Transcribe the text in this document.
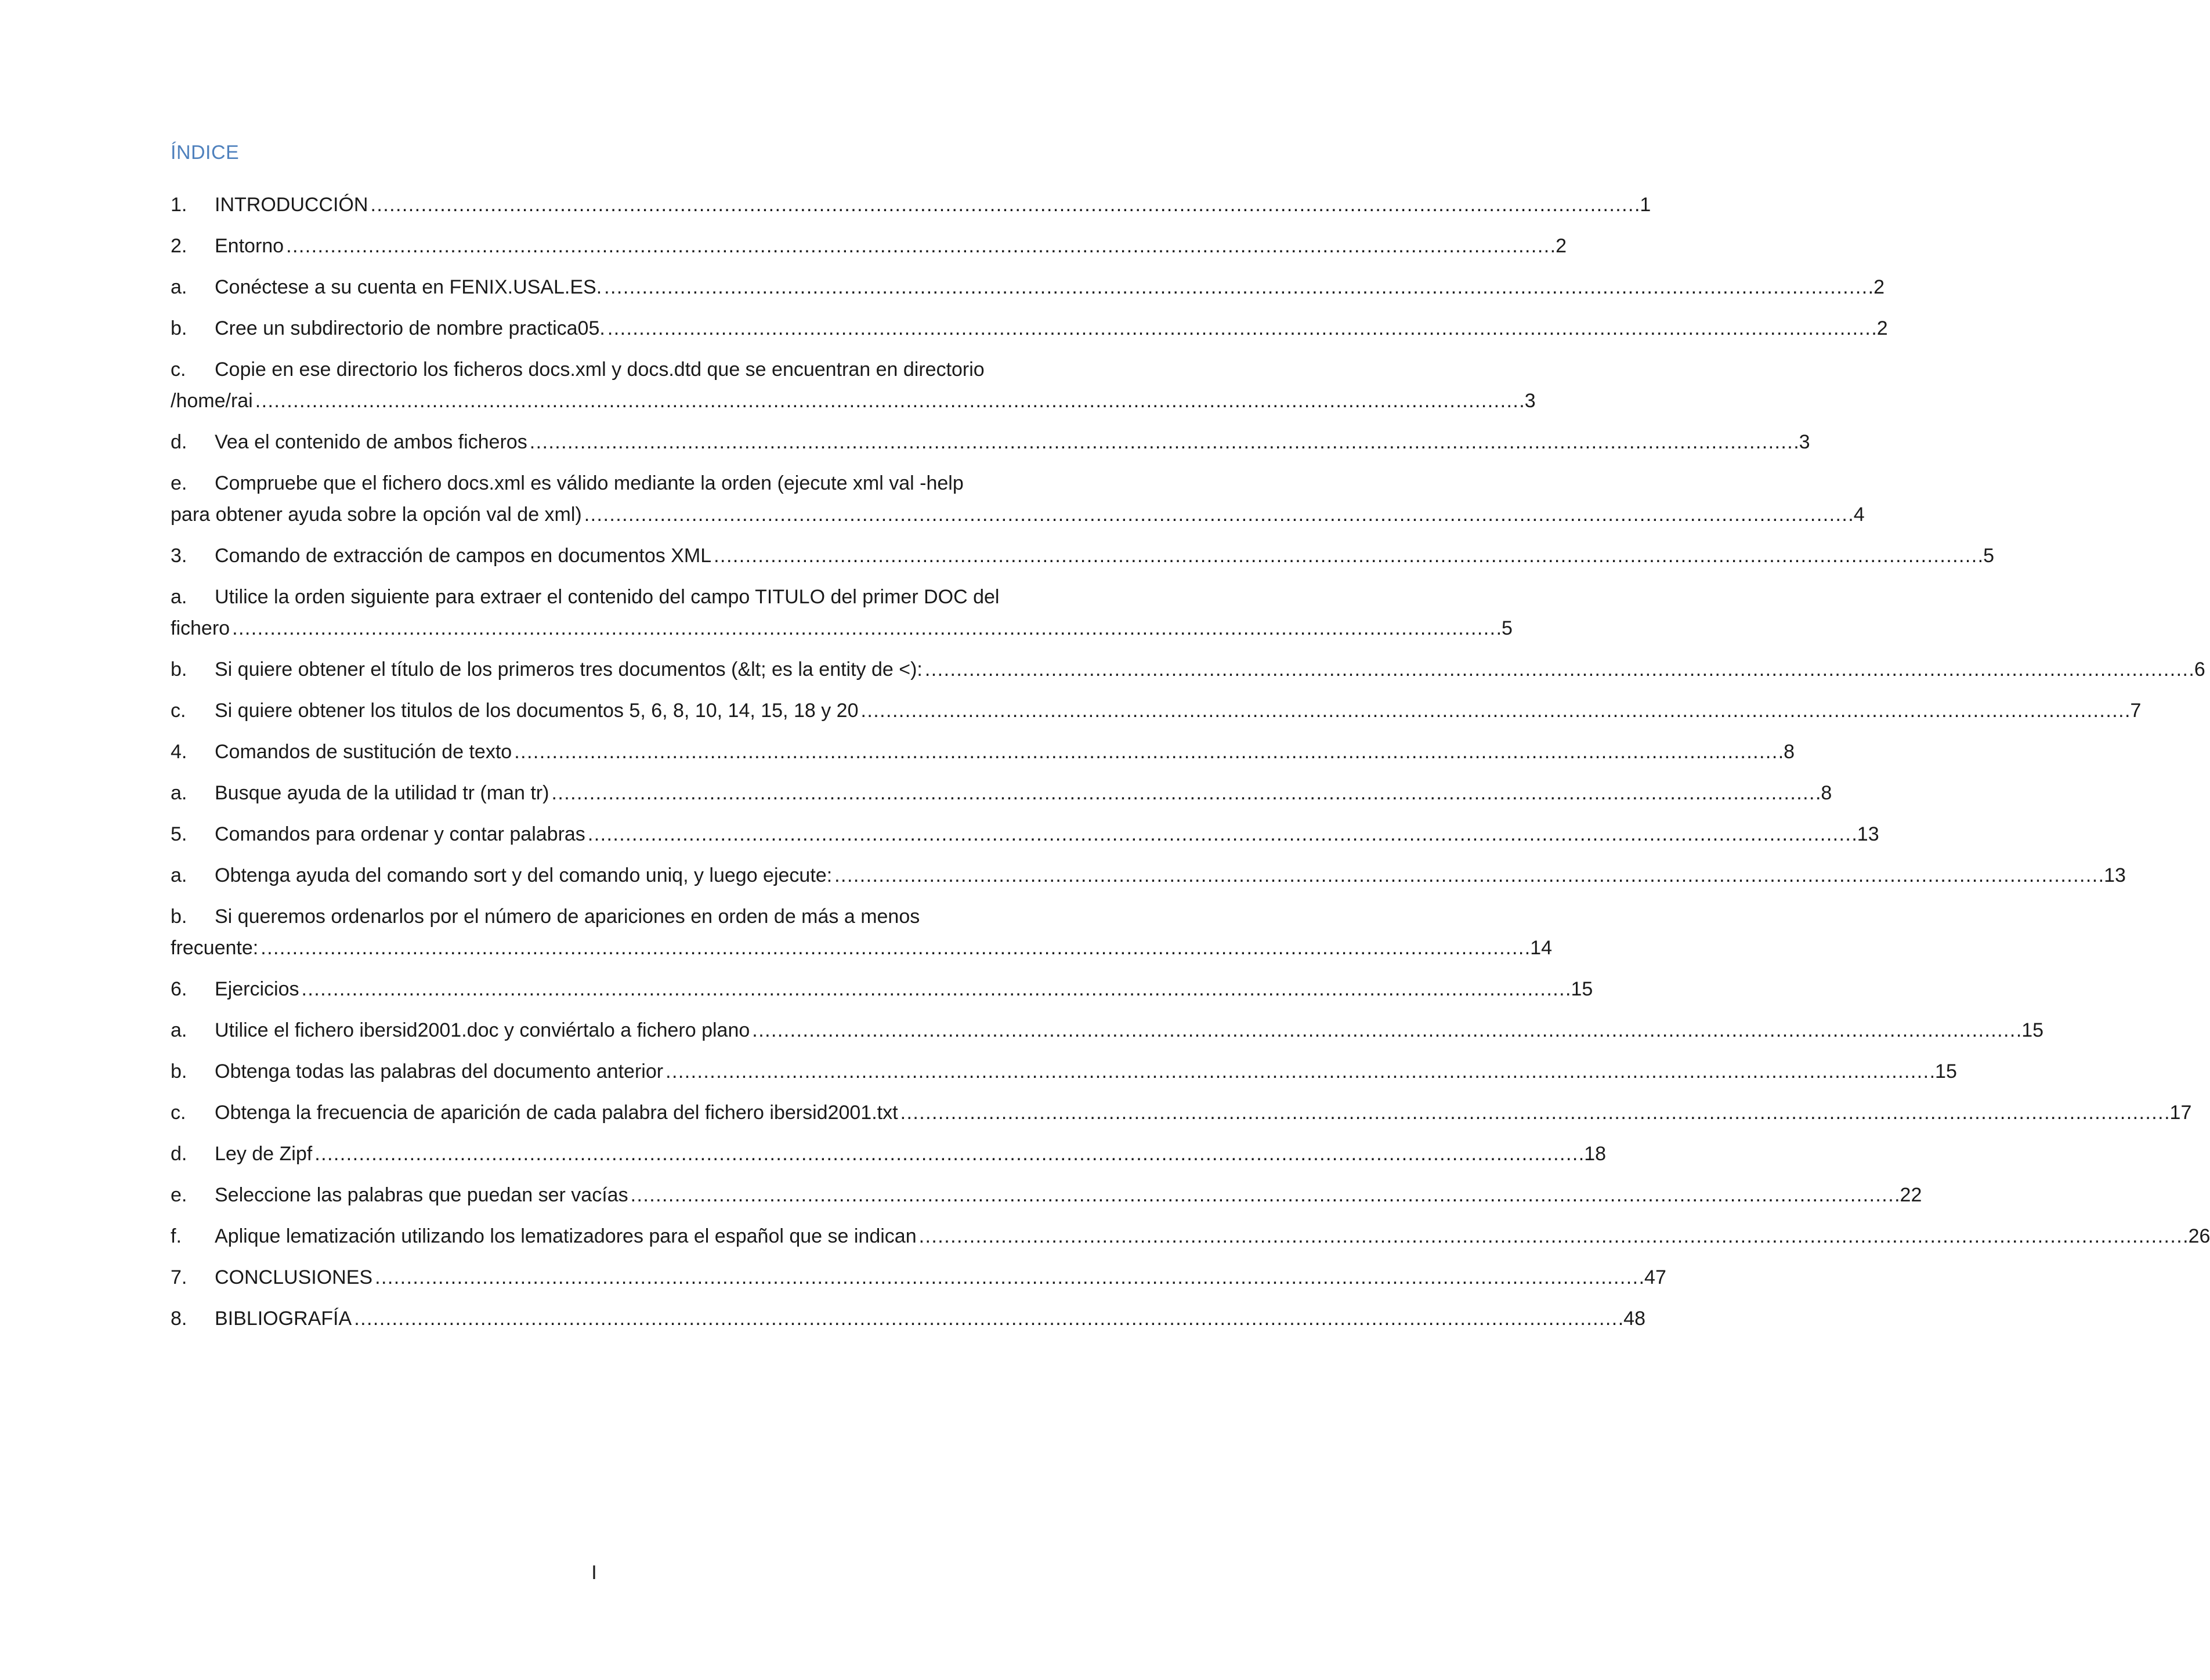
ÍNDICE
1.	INTRODUCCIÓN . . .	1
2.	Entorno . . .	2
a.	Conéctese a su cuenta en FENIX.USAL.ES. . . .	2
b.	Cree un subdirectorio de nombre practica05. . . .	2
c. Copie en ese directorio los ficheros docs.xml y docs.dtd que se encuentran en directorio
/home/rai . . .	3
d.	Vea el contenido de ambos ficheros . . .	3
e. Compruebe que el fichero docs.xml es válido mediante la orden (ejecute xml val -help
para obtener ayuda sobre la opción val de xml) . . .	4
3.	Comando de extracción de campos en documentos XML . . .	5
a. Utilice la orden siguiente para extraer el contenido del campo TITULO del primer DOC del
fichero . . .	5
b.	Si quiere obtener el título de los primeros tres documentos (&lt; es la entity de <): . . .	6
c.	Si quiere obtener los titulos de los documentos 5, 6, 8, 10, 14, 15, 18 y 20 . . .	7
4.	Comandos de sustitución de texto . . .	8
a.	Busque ayuda de la utilidad tr (man tr) . . .	8
5.	Comandos para ordenar y contar palabras . . .	13
a.	Obtenga ayuda del comando sort y del comando uniq, y luego ejecute: . . .	13
b. Si queremos ordenarlos por el número de apariciones en orden de más a menos
frecuente: . . .	14
6.	Ejercicios . . .	15
a.	Utilice el fichero ibersid2001.doc y conviértalo a fichero plano . . .	15
b.	Obtenga todas las palabras del documento anterior . . .	15
c.	Obtenga la frecuencia de aparición de cada palabra del fichero ibersid2001.txt . . .	17
d.	Ley de Zipf . . .	18
e.	Seleccione las palabras que puedan ser vacías . . .	22
f.	Aplique lematización utilizando los lematizadores para el español que se indican . . .	26
7.	CONCLUSIONES . . .	47
8.	BIBLIOGRAFÍA . . .	48
I
